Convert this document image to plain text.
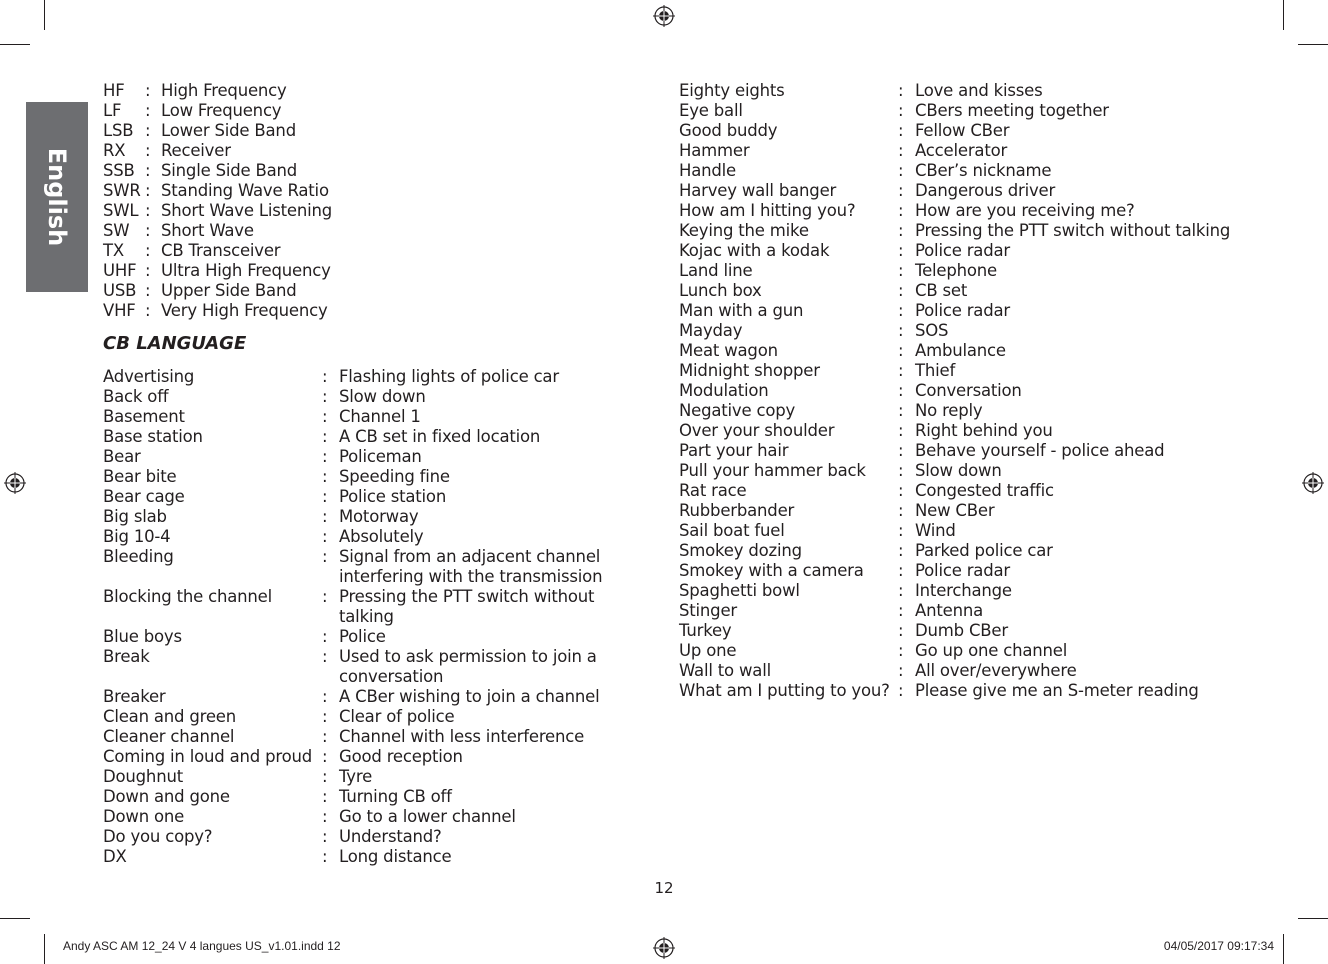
English
HF	:	High Frequency
LF	:	Low Frequency
LSB	:	Lower Side Band
RX	:	Receiver
SSB	:	Single Side Band
SWR	:	Standing Wave Ratio
SWL	:	Short Wave Listening
SW	:	Short Wave
TX	:	CB Transceiver
UHF	:	Ultra High Frequency
USB	:	Upper Side Band
VHF	:	Very High Frequency
CB LANGUAGE
Advertising	:	Flashing lights of police car
Back off	:	Slow down
Basement	:	Channel 1
Base station	:	A CB set in fixed location
Bear	:	Policeman
Bear bite	:	Speeding fine
Bear cage	:	Police station
Big slab	:	Motorway
Big 10-4	:	Absolutely
Bleeding	:	Signal from an adjacent channel interfering with the transmission
Blocking the channel	:	Pressing the PTT switch without talking
Blue boys	:	Police
Break	:	Used to ask permission to join a conversation
Breaker	:	A CBer wishing to join a channel
Clean and green	:	Clear of police
Cleaner channel	:	Channel with less interference
Coming in loud and proud	:	Good reception
Doughnut	:	Tyre
Down and gone	:	Turning CB off
Down one	:	Go to a lower channel
Do you copy?	:	Understand?
DX	:	Long distance
Eighty eights	:	Love and kisses
Eye ball	:	CBers meeting together
Good buddy	:	Fellow CBer
Hammer	:	Accelerator
Handle	:	CBer’s nickname
Harvey wall banger	:	Dangerous driver
How am I hitting you?	:	How are you receiving me?
Keying the mike	:	Pressing the PTT switch without talking
Kojac with a kodak	:	Police radar
Land line	:	Telephone
Lunch box	:	CB set
Man with a gun	:	Police radar
Mayday	:	SOS
Meat wagon	:	Ambulance
Midnight shopper	:	Thief
Modulation	:	Conversation
Negative copy	:	No reply
Over your shoulder	:	Right behind you
Part your hair	:	Behave yourself - police ahead
Pull your hammer back	:	Slow down
Rat race	:	Congested traffic
Rubberbander	:	New CBer
Sail boat fuel	:	Wind
Smokey dozing	:	Parked police car
Smokey with a camera	:	Police radar
Spaghetti bowl	:	Interchange
Stinger	:	Antenna
Turkey	:	Dumb CBer
Up one	:	Go up one channel
Wall to wall	:	All over/everywhere
What am I putting to you?	:	Please give me an S-meter reading
12
Andy ASC AM 12_24 V 4 langues US_v1.01.indd 12	04/05/2017 09:17:34
